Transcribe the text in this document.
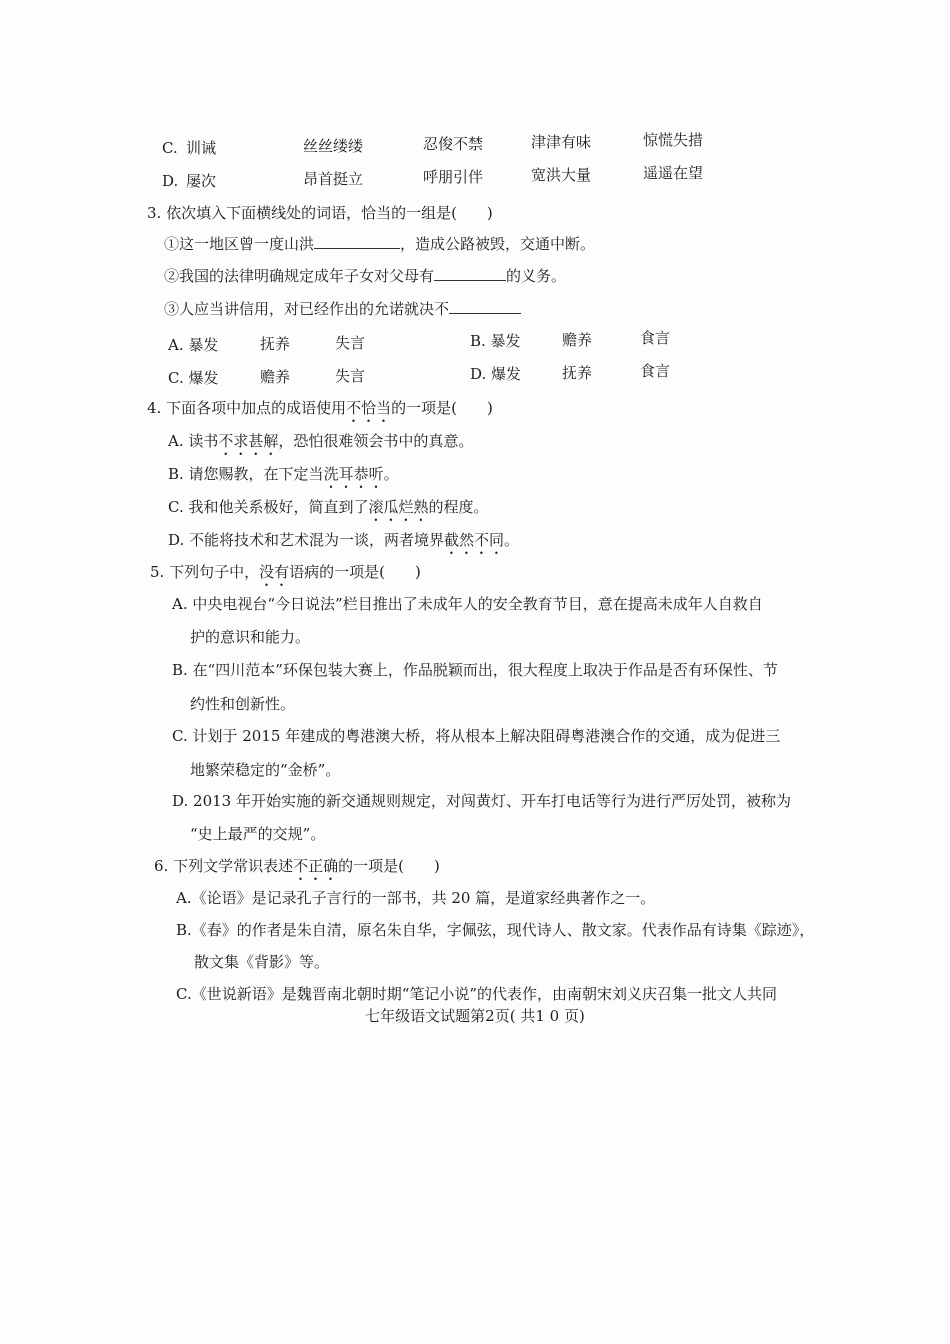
C. 训诫	丝丝缕缕	忍俊不禁	津津有味	惊慌失措
D. 屡次	昂首挺立	呼朋引伴	宽洪大量	遥遥在望
3. 依次填入下面横线处的词语，恰当的一组是(　　)
①这一地区曾一度山洪	，造成公路被毁，交通中断。
②我国的法律明确规定成年子女对父母有	的义务。
③人应当讲信用，对已经作出的允诺就决不
A. 暴发	抚养	失言	B. 暴发	赡养	食言
C. 爆发	赡养	失言	D. 爆发	抚养	食言
4. 下面各项中加点的成语使用不恰当的一项是(　　)
A. 读书不求甚解，恐怕很难领会书中的真意。
B. 请您赐教，在下定当洗耳恭听。
C. 我和他关系极好，简直到了滚瓜烂熟的程度。
D. 不能将技术和艺术混为一谈，两者境界截然不同。
5. 下列句子中，没有语病的一项是(　　)
A. 中央电视台“今日说法”栏目推出了未成年人的安全教育节目，意在提高未成年人自救自
护的意识和能力。
B. 在“四川范本”环保包装大赛上，作品脱颖而出，很大程度上取决于作品是否有环保性、节
约性和创新性。
C. 计划于 2015 年建成的粤港澳大桥，将从根本上解决阻碍粤港澳合作的交通，成为促进三
地繁荣稳定的“金桥”。
D. 2013 年开始实施的新交通规则规定，对闯黄灯、开车打电话等行为进行严厉处罚，被称为
“史上最严的交规”。
6. 下列文学常识表述不正确的一项是(　　)
A.《论语》是记录孔子言行的一部书，共 20 篇，是道家经典著作之一。
B.《春》的作者是朱自清，原名朱自华，字佩弦，现代诗人、散文家。代表作品有诗集《踪迹》，
散文集《背影》等。
C.《世说新语》是魏晋南北朝时期“笔记小说”的代表作，由南朝宋刘义庆召集一批文人共同
七年级语文试题第2页( 共1 0 页)
